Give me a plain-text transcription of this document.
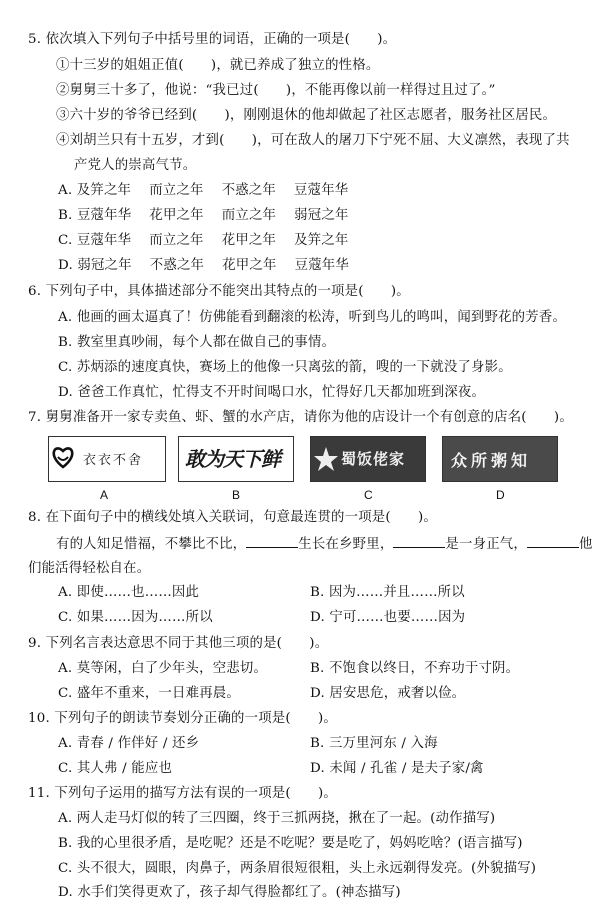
5. 依次填入下列句子中括号里的词语，正确的一项是(　　)。
①十三岁的姐姐正值(　　)，就已养成了独立的性格。
②舅舅三十多了，他说：“我已过(　　)，不能再像以前一样得过且过了。”
③六十岁的爷爷已经到(　　)，刚刚退休的他却做起了社区志愿者，服务社区居民。
④刘胡兰只有十五岁，才到(　　)，可在敌人的屠刀下宁死不屈、大义凛然，表现了共
产党人的崇高气节。
A. 及笄之年　 而立之年　 不惑之年　 豆蔻年华
B. 豆蔻年华　 花甲之年　 而立之年　 弱冠之年
C. 豆蔻年华　 而立之年　 花甲之年　 及笄之年
D. 弱冠之年　 不惑之年　 花甲之年　 豆蔻年华
6. 下列句子中，具体描述部分不能突出其特点的一项是(　　)。
A. 他画的画太逼真了！仿佛能看到翻滚的松涛，听到鸟儿的鸣叫，闻到野花的芳香。
B. 教室里真吵闹，每个人都在做自己的事情。
C. 苏炳添的速度真快，赛场上的他像一只离弦的箭，嗖的一下就没了身影。
D. 爸爸工作真忙，忙得支不开时间喝口水，忙得好几天都加班到深夜。
7. 舅舅准备开一家专卖鱼、虾、蟹的水产店，请你为他的店设计一个有创意的店名(　　)。
衣衣不舍 敢为天下鲜	蜀饭佬家	众所粥知
A	B	C	D
8. 在下面句子中的横线处填入关联词，句意最连贯的一项是(　　)。
有的人知足惜福，不攀比不比，	生长在乡野里，	是一身正气，	他
们能活得轻松自在。
A. 即使……也……因此	B. 因为……并且……所以
C. 如果……因为……所以	D. 宁可……也要……因为
9. 下列名言表达意思不同于其他三项的是(　　)。
A. 莫等闲，白了少年头，空悲切。	B. 不饱食以终日，不弃功于寸阴。
C. 盛年不重来，一日难再晨。	D. 居安思危，戒奢以俭。
10. 下列句子的朗读节奏划分正确的一项是(　　)。
A. 青春 / 作伴好 / 还乡	B. 三万里河东 / 入海
C. 其人弗 / 能应也	D. 未闻 / 孔雀 / 是夫子家/禽
11. 下列句子运用的描写方法有误的一项是(　　)。
A. 两人走马灯似的转了三四圈，终于三抓两挠，揪在了一起。(动作描写)
B. 我的心里很矛盾，是吃呢？还是不吃呢？要是吃了，妈妈吃啥？(语言描写)
C. 头不很大，圆眼，肉鼻子，两条眉很短很粗，头上永远剃得发亮。(外貌描写)
D. 水手们笑得更欢了，孩子却气得脸都红了。(神态描写)
